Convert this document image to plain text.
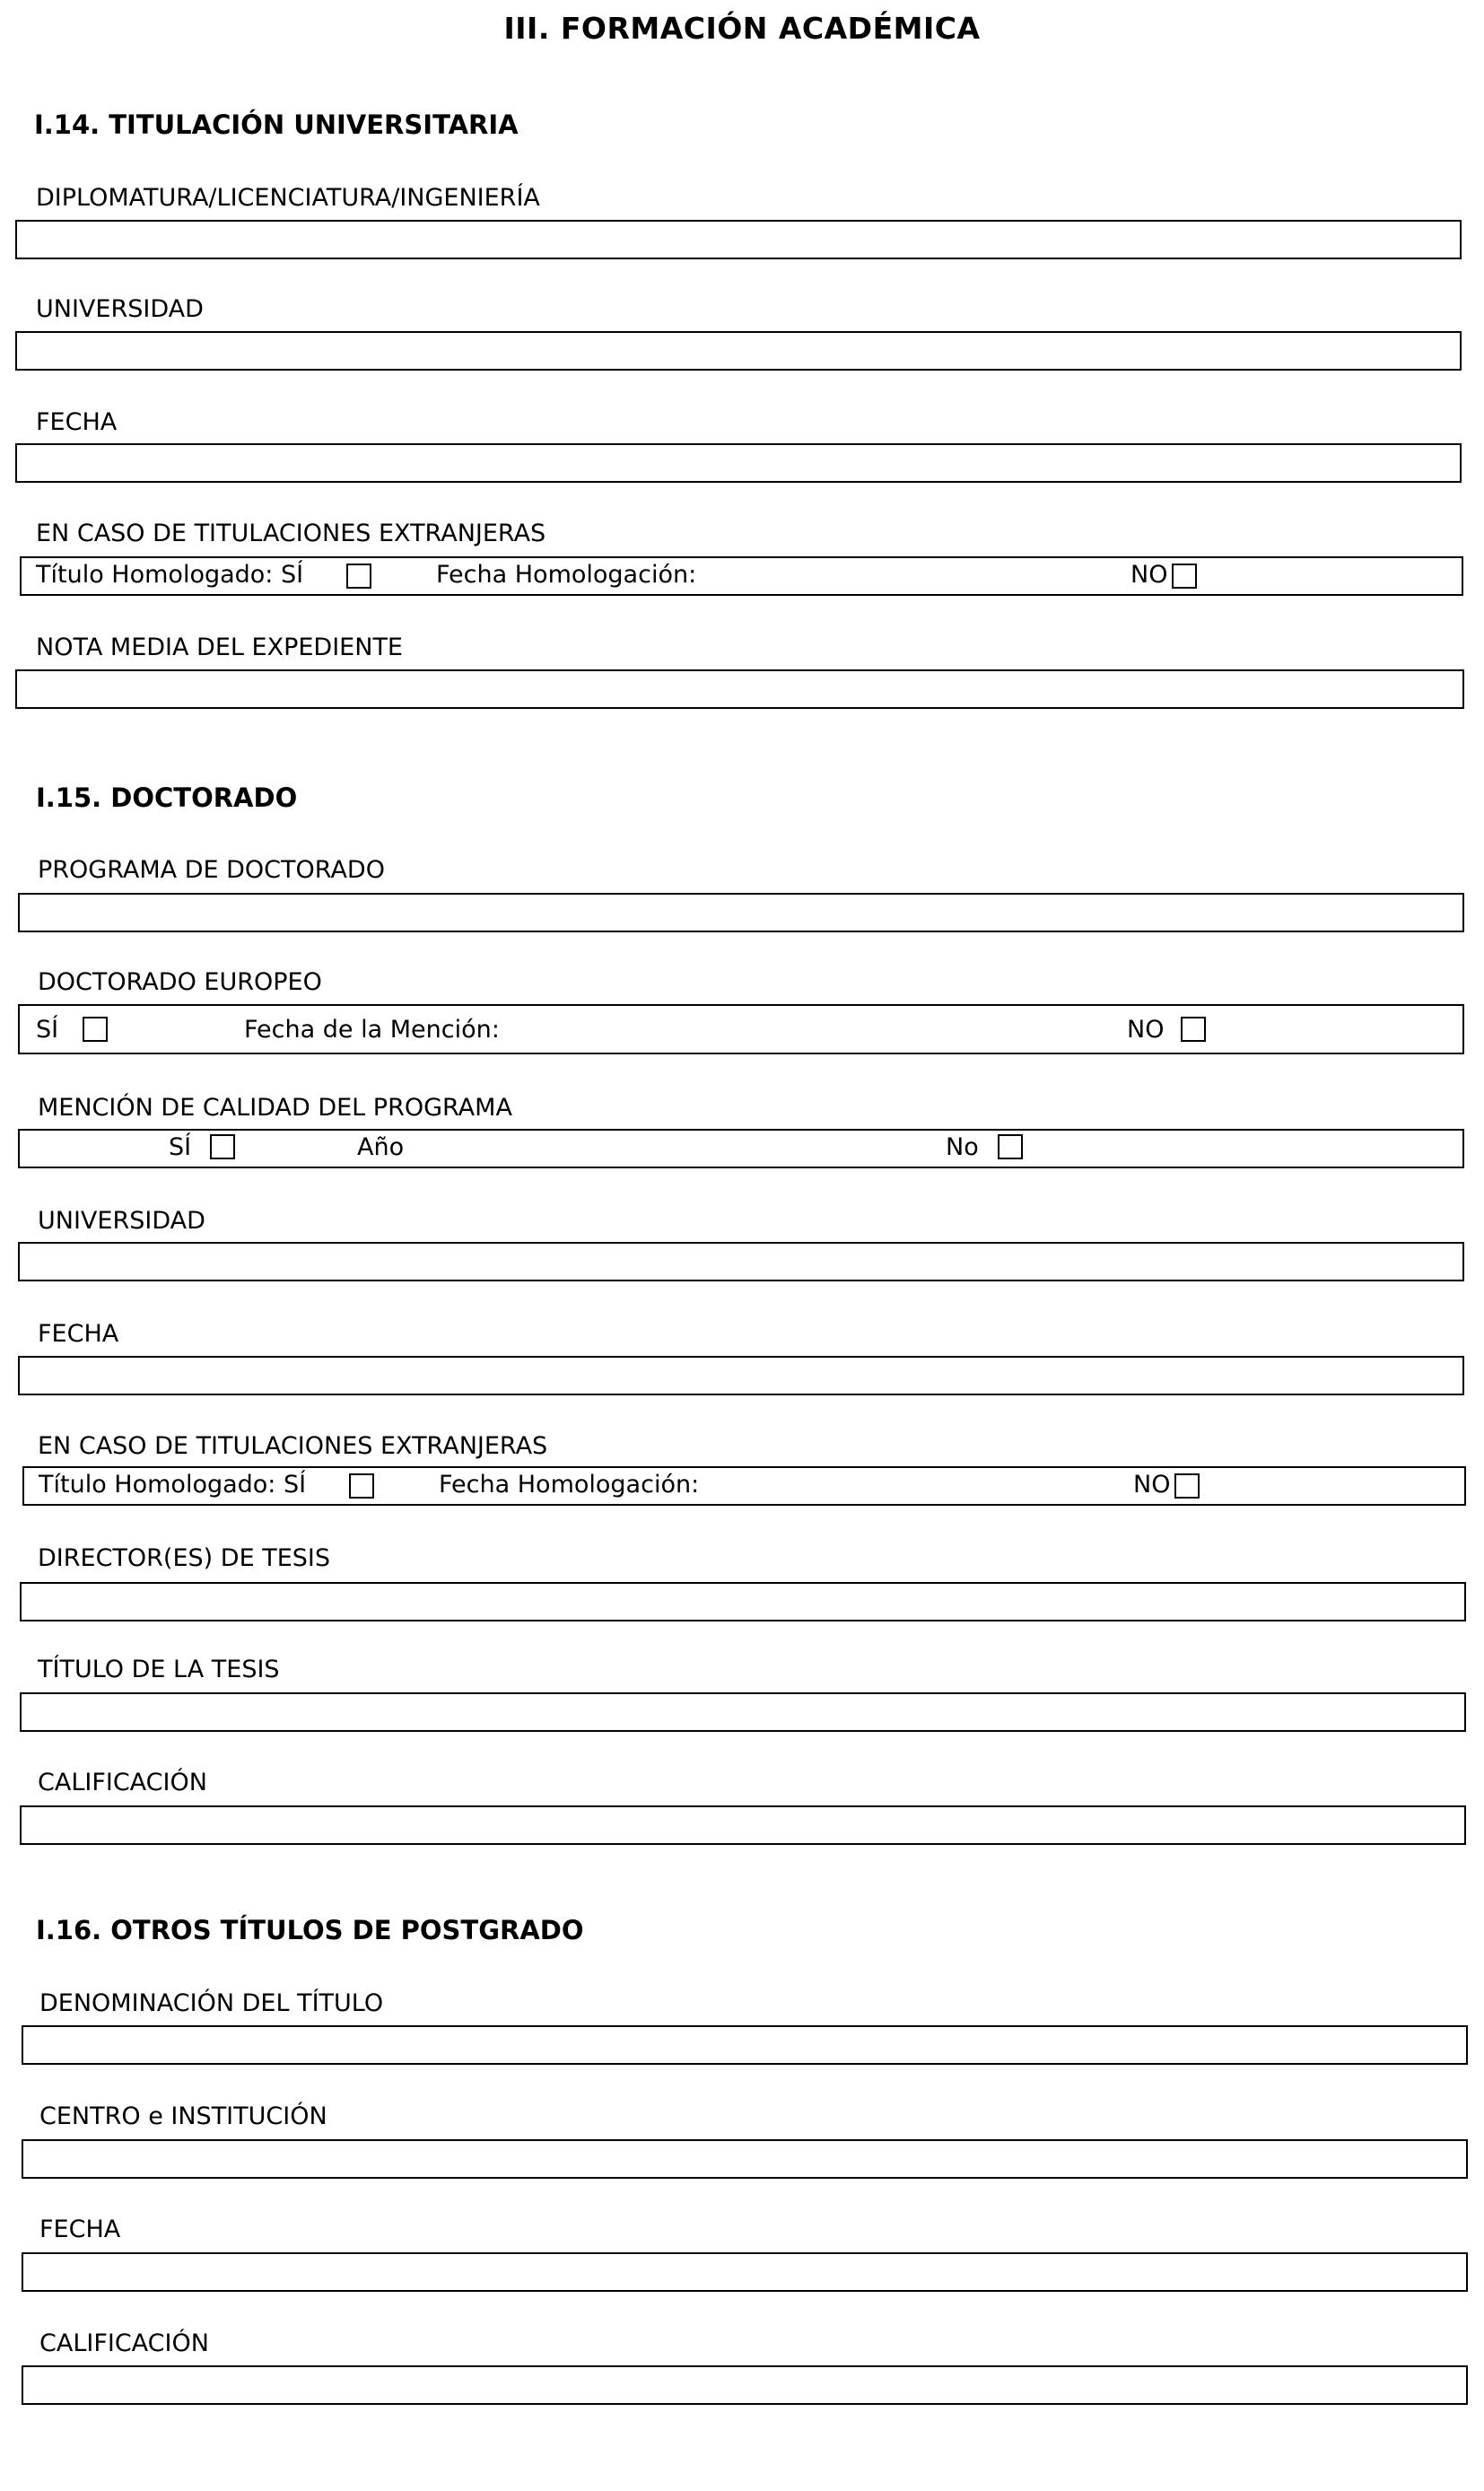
III. FORMACIÓN ACADÉMICA
I.14. TITULACIÓN UNIVERSITARIA
DIPLOMATURA/LICENCIATURA/INGENIERÍA
UNIVERSIDAD
FECHA
EN CASO DE TITULACIONES EXTRANJERAS
Título Homologado: SÍ	Fecha Homologación:	NO
NOTA MEDIA DEL EXPEDIENTE
I.15. DOCTORADO
PROGRAMA DE DOCTORADO
DOCTORADO EUROPEO
SÍ	Fecha de la Mención:	NO
MENCIÓN DE CALIDAD DEL PROGRAMA
SÍ	Año	No
UNIVERSIDAD
FECHA
EN CASO DE TITULACIONES EXTRANJERAS
Título Homologado: SÍ	Fecha Homologación:	NO
DIRECTOR(ES) DE TESIS
TÍTULO DE LA TESIS
CALIFICACIÓN
I.16. OTROS TÍTULOS DE POSTGRADO
DENOMINACIÓN DEL TÍTULO
CENTRO e INSTITUCIÓN
FECHA
CALIFICACIÓN
